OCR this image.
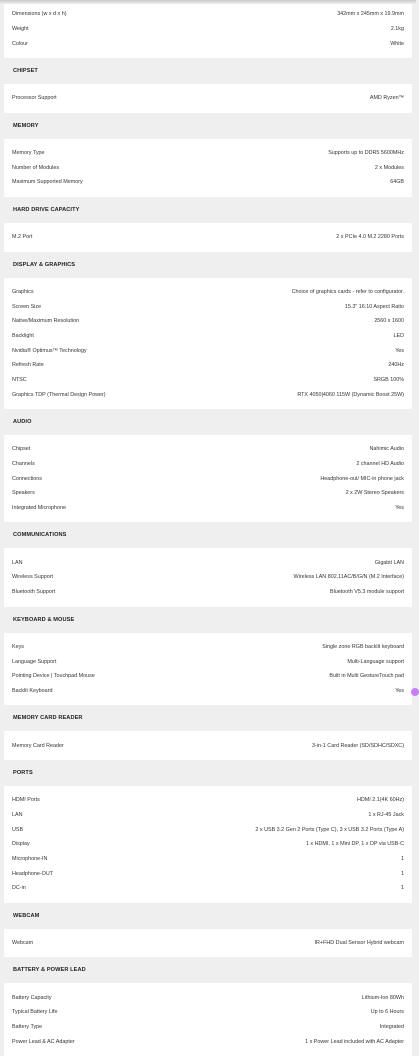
Dimensions (w x d x h)	342mm x 245mm x 19.9mm
Weight	2.1kg
Colour	White
CHIPSET
Processor Support	AMD Ryzen™
MEMORY
Memory Type	Supports up to DDR5 5600MHz
Number of Modules	2 x Modules
Maximum Supported Memory	64GB
HARD DRIVE CAPACITY
M.2 Port	2 x PCIe 4.0 M.2 2280 Ports
DISPLAY & GRAPHICS
Graphics	Choice of graphics cards - refer to configurator.
Screen Size	15.3" 16:10 Aspect Ratio
Native/Maximum Resolution	2560 x 1600
Backlight	LED
Nvidia® Optimus™ Technology	Yes
Refresh Rate	240Hz
NTSC	SRGB 100%
Graphics TDP (Thermal Design Power)	RTX 4050|4060 115W (Dynamic Boost 25W)
AUDIO
Chipset	Nahimic Audio
Channels	2 channel HD Audio
Connections	Headphone-out/ MIC-in phone jack
Speakers	2 x 2W Stereo Speakers
Integrated Microphone	Yes
COMMUNICATIONS
LAN	Gigabit LAN
Wireless Support	Wireless LAN 802.11AC/B/G/N (M.2 Interface)
Bluetooth Support	Bluetooth V5.3 module support
KEYBOARD & MOUSE
Keys	Single zone RGB backlit keyboard
Language Support	Multi-Language support
Pointing Device | Touchpad Mouse	Built in Multi GestureTouch pad
Backlit Keyboard	Yes
MEMORY CARD READER
Memory Card Reader	3-in-1 Card Reader (SD/SDHC/SDXC)
PORTS
HDMI Ports	HDMI 2.1(4K 60Hz)
LAN	1 x RJ-45 Jack
USB	2 x USB 3.2 Gen 2 Ports (Type C), 3 x USB 3.2 Ports (Type A)
Display	1 x HDMI, 1 x Mini DP, 1 x DP via USB-C
Microphone-IN	1
Headphone-OUT	1
DC-in	1
WEBCAM
Webcam	IR+FHD Dual Sensor Hybrid webcam
BATTERY & POWER LEAD
Battery Capacity	Lithium-Ion 80Wh
Typical Battery Life	Up to 6 Hours
Battery Type	Integrated
Power Lead & AC Adapter	1 x Power Lead included with AC Adapter
